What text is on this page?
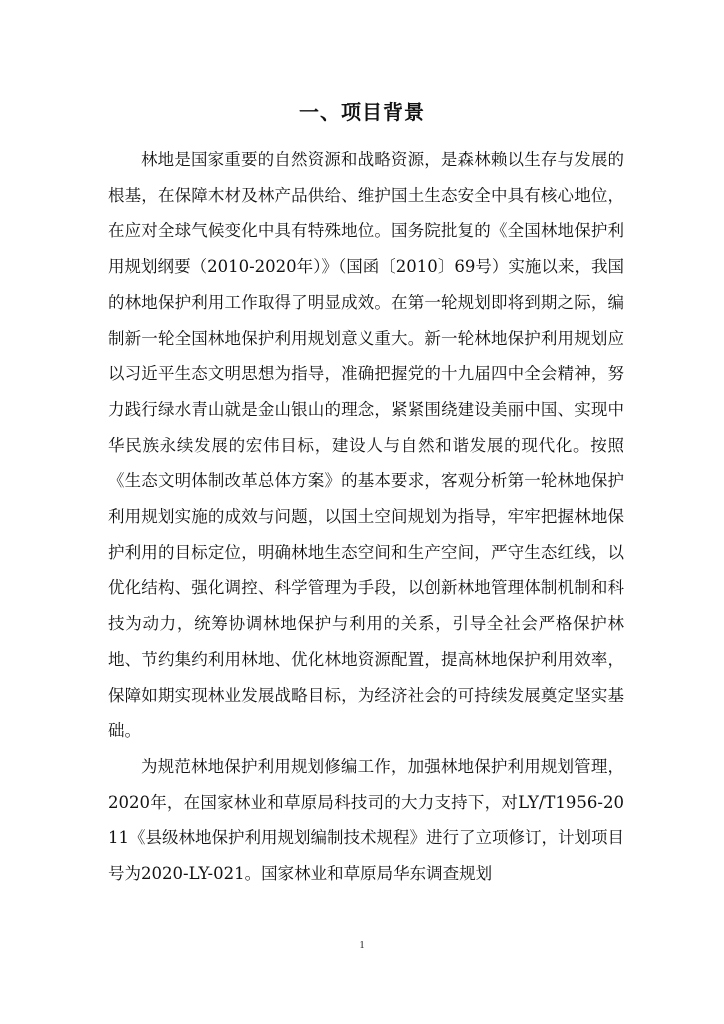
一、项目背景

林地是国家重要的自然资源和战略资源，是森林赖以生存与发展的根基，在保障木材及林产品供给、维护国土生态安全中具有核心地位，在应对全球气候变化中具有特殊地位。国务院批复的《全国林地保护利用规划纲要（2010-2020年）》（国函〔2010〕69号）实施以来，我国的林地保护利用工作取得了明显成效。在第一轮规划即将到期之际，编制新一轮全国林地保护利用规划意义重大。新一轮林地保护利用规划应以习近平生态文明思想为指导，准确把握党的十九届四中全会精神，努力践行绿水青山就是金山银山的理念，紧紧围绕建设美丽中国、实现中华民族永续发展的宏伟目标，建设人与自然和谐发展的现代化。按照《生态文明体制改革总体方案》的基本要求，客观分析第一轮林地保护利用规划实施的成效与问题，以国土空间规划为指导，牢牢把握林地保护利用的目标定位，明确林地生态空间和生产空间，严守生态红线，以优化结构、强化调控、科学管理为手段，以创新林地管理体制机制和科技为动力，统筹协调林地保护与利用的关系，引导全社会严格保护林地、节约集约利用林地、优化林地资源配置，提高林地保护利用效率，保障如期实现林业发展战略目标，为经济社会的可持续发展奠定坚实基础。

为规范林地保护利用规划修编工作，加强林地保护利用规划管理，2020年，在国家林业和草原局科技司的大力支持下，对LY/T1956-2011《县级林地保护利用规划编制技术规程》进行了立项修订，计划项目号为2020-LY-021。国家林业和草原局华东调查规划

1
